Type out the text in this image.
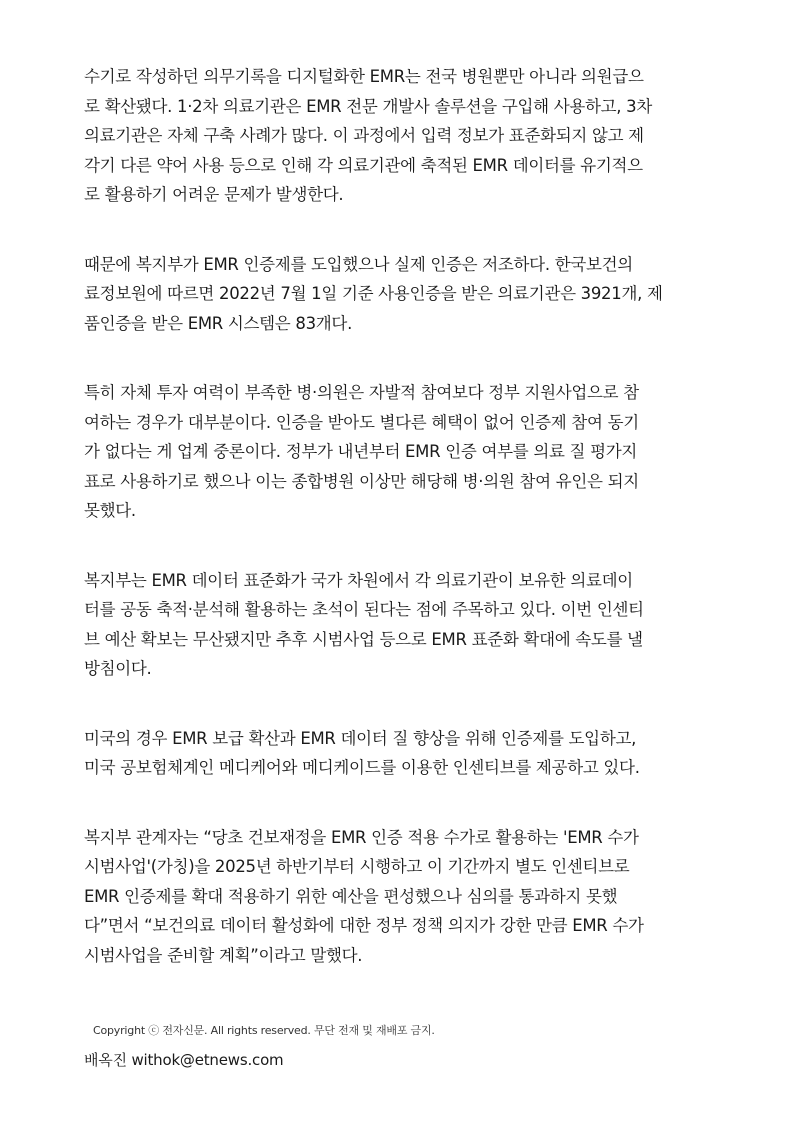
수기로 작성하던 의무기록을 디지털화한 EMR는 전국 병원뿐만 아니라 의원급으
로 확산됐다. 1·2차 의료기관은 EMR 전문 개발사 솔루션을 구입해 사용하고, 3차
의료기관은 자체 구축 사례가 많다. 이 과정에서 입력 정보가 표준화되지 않고 제
각기 다른 약어 사용 등으로 인해 각 의료기관에 축적된 EMR 데이터를 유기적으
로 활용하기 어려운 문제가 발생한다.

때문에 복지부가 EMR 인증제를 도입했으나 실제 인증은 저조하다. 한국보건의
료정보원에 따르면 2022년 7월 1일 기준 사용인증을 받은 의료기관은 3921개, 제
품인증을 받은 EMR 시스템은 83개다.

특히 자체 투자 여력이 부족한 병·의원은 자발적 참여보다 정부 지원사업으로 참
여하는 경우가 대부분이다. 인증을 받아도 별다른 혜택이 없어 인증제 참여 동기
가 없다는 게 업계 중론이다. 정부가 내년부터 EMR 인증 여부를 의료 질 평가지
표로 사용하기로 했으나 이는 종합병원 이상만 해당해 병·의원 참여 유인은 되지
못했다.

복지부는 EMR 데이터 표준화가 국가 차원에서 각 의료기관이 보유한 의료데이
터를 공동 축적·분석해 활용하는 초석이 된다는 점에 주목하고 있다. 이번 인센티
브 예산 확보는 무산됐지만 추후 시범사업 등으로 EMR 표준화 확대에 속도를 낼
방침이다.

미국의 경우 EMR 보급 확산과 EMR 데이터 질 향상을 위해 인증제를 도입하고,
미국 공보험체계인 메디케어와 메디케이드를 이용한 인센티브를 제공하고 있다.

복지부 관계자는 “당초 건보재정을 EMR 인증 적용 수가로 활용하는 'EMR 수가
시범사업'(가칭)을 2025년 하반기부터 시행하고 이 기간까지 별도 인센티브로
EMR 인증제를 확대 적용하기 위한 예산을 편성했으나 심의를 통과하지 못했
다”면서 “보건의료 데이터 활성화에 대한 정부 정책 의지가 강한 만큼 EMR 수가
시범사업을 준비할 계획”이라고 말했다.

배옥진 withok@etnews.com
Copyright ⓒ 전자신문. All rights reserved. 무단 전재 및 재배포 금지.
